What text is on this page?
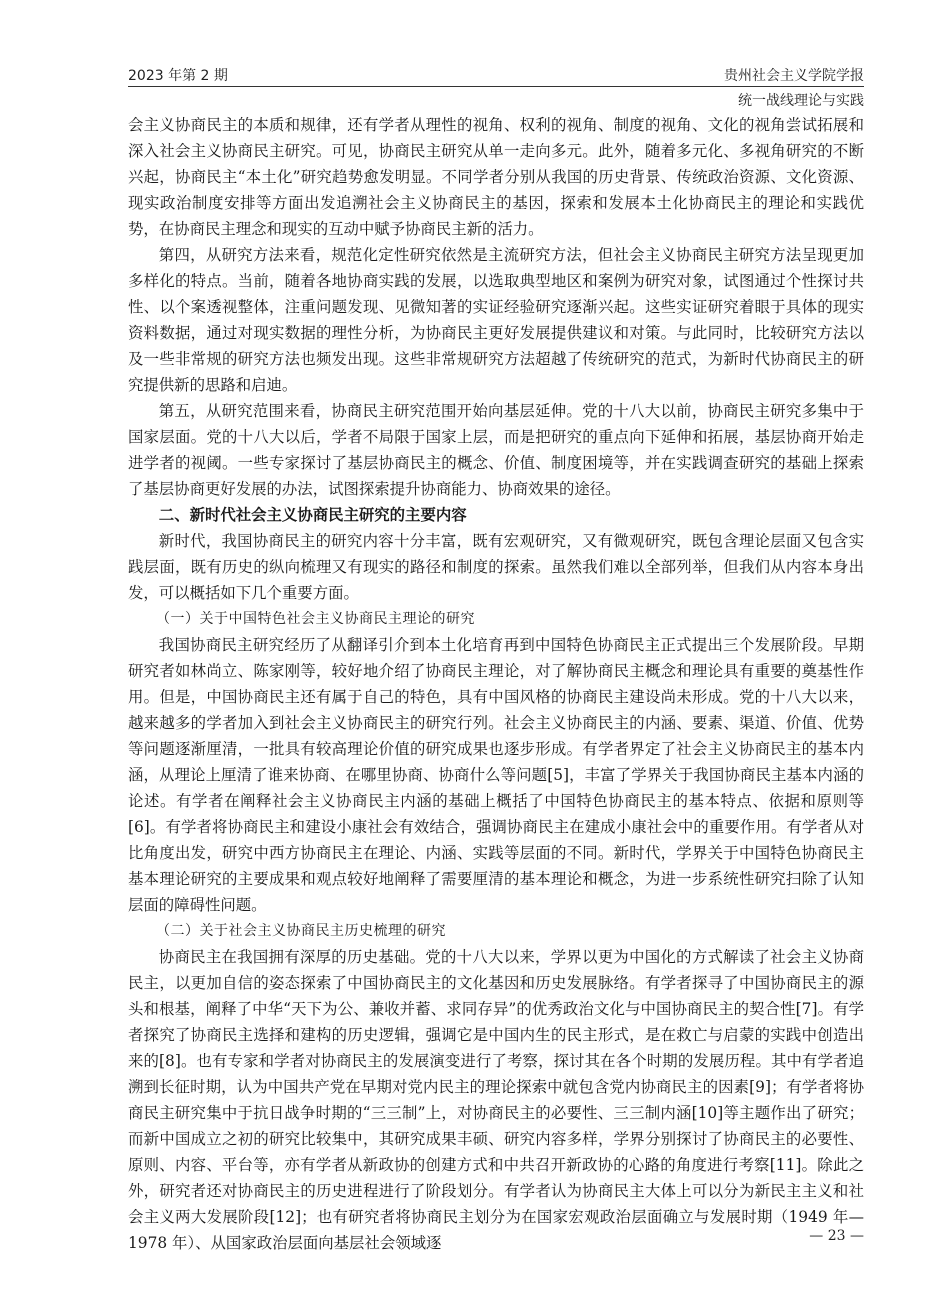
2023 年第 2 期	贵州社会主义学院学报
统一战线理论与实践

会主义协商民主的本质和规律，还有学者从理性的视角、权利的视角、制度的视角、文化的视角尝试拓展和深入社会主义协商民主研究。可见，协商民主研究从单一走向多元。此外，随着多元化、多视角研究的不断兴起，协商民主“本土化”研究趋势愈发明显。不同学者分别从我国的历史背景、传统政治资源、文化资源、现实政治制度安排等方面出发追溯社会主义协商民主的基因，探索和发展本土化协商民主的理论和实践优势，在协商民主理念和现实的互动中赋予协商民主新的活力。

第四，从研究方法来看，规范化定性研究依然是主流研究方法，但社会主义协商民主研究方法呈现更加多样化的特点。当前，随着各地协商实践的发展，以选取典型地区和案例为研究对象，试图通过个性探讨共性、以个案透视整体，注重问题发现、见微知著的实证经验研究逐渐兴起。这些实证研究着眼于具体的现实资料数据，通过对现实数据的理性分析，为协商民主更好发展提供建议和对策。与此同时，比较研究方法以及一些非常规的研究方法也频发出现。这些非常规研究方法超越了传统研究的范式，为新时代协商民主的研究提供新的思路和启迪。

第五，从研究范围来看，协商民主研究范围开始向基层延伸。党的十八大以前，协商民主研究多集中于国家层面。党的十八大以后，学者不局限于国家上层，而是把研究的重点向下延伸和拓展，基层协商开始走进学者的视阈。一些专家探讨了基层协商民主的概念、价值、制度困境等，并在实践调查研究的基础上探索了基层协商更好发展的办法，试图探索提升协商能力、协商效果的途径。

二、新时代社会主义协商民主研究的主要内容

新时代，我国协商民主的研究内容十分丰富，既有宏观研究，又有微观研究，既包含理论层面又包含实践层面，既有历史的纵向梳理又有现实的路径和制度的探索。虽然我们难以全部列举，但我们从内容本身出发，可以概括如下几个重要方面。

（一）关于中国特色社会主义协商民主理论的研究

我国协商民主研究经历了从翻译引介到本土化培育再到中国特色协商民主正式提出三个发展阶段。早期研究者如林尚立、陈家刚等，较好地介绍了协商民主理论，对了解协商民主概念和理论具有重要的奠基性作用。但是，中国协商民主还有属于自己的特色，具有中国风格的协商民主建设尚未形成。党的十八大以来，越来越多的学者加入到社会主义协商民主的研究行列。社会主义协商民主的内涵、要素、渠道、价值、优势等问题逐渐厘清，一批具有较高理论价值的研究成果也逐步形成。有学者界定了社会主义协商民主的基本内涵，从理论上厘清了谁来协商、在哪里协商、协商什么等问题[5]，丰富了学界关于我国协商民主基本内涵的论述。有学者在阐释社会主义协商民主内涵的基础上概括了中国特色协商民主的基本特点、依据和原则等[6]。有学者将协商民主和建设小康社会有效结合，强调协商民主在建成小康社会中的重要作用。有学者从对比角度出发，研究中西方协商民主在理论、内涵、实践等层面的不同。新时代，学界关于中国特色协商民主基本理论研究的主要成果和观点较好地阐释了需要厘清的基本理论和概念，为进一步系统性研究扫除了认知层面的障碍性问题。

（二）关于社会主义协商民主历史梳理的研究

协商民主在我国拥有深厚的历史基础。党的十八大以来，学界以更为中国化的方式解读了社会主义协商民主，以更加自信的姿态探索了中国协商民主的文化基因和历史发展脉络。有学者探寻了中国协商民主的源头和根基，阐释了中华“天下为公、兼收并蓄、求同存异”的优秀政治文化与中国协商民主的契合性[7]。有学者探究了协商民主选择和建构的历史逻辑，强调它是中国内生的民主形式，是在救亡与启蒙的实践中创造出来的[8]。也有专家和学者对协商民主的发展演变进行了考察，探讨其在各个时期的发展历程。其中有学者追溯到长征时期，认为中国共产党在早期对党内民主的理论探索中就包含党内协商民主的因素[9]；有学者将协商民主研究集中于抗日战争时期的“三三制”上，对协商民主的必要性、三三制内涵[10]等主题作出了研究；而新中国成立之初的研究比较集中，其研究成果丰硕、研究内容多样，学界分别探讨了协商民主的必要性、原则、内容、平台等，亦有学者从新政协的创建方式和中共召开新政协的心路的角度进行考察[11]。除此之外，研究者还对协商民主的历史进程进行了阶段划分。有学者认为协商民主大体上可以分为新民主主义和社会主义两大发展阶段[12]；也有研究者将协商民主划分为在国家宏观政治层面确立与发展时期（1949 年—1978 年）、从国家政治层面向基层社会领域逐	— 23 —
